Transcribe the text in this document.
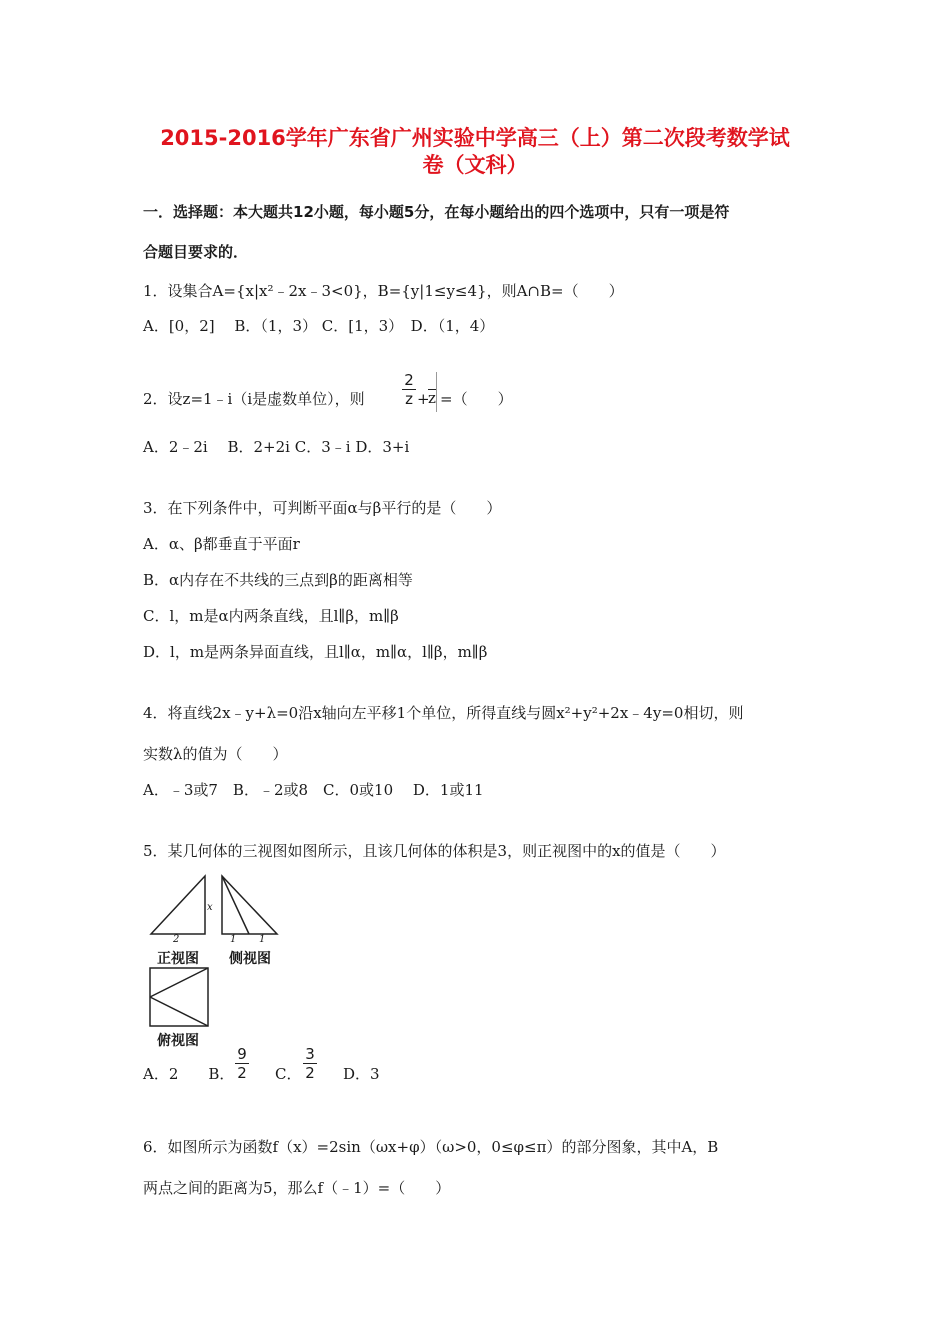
2015-2016学年广东省广州实验中学高三（上）第二次段考数学试
卷（文科）
一．选择题：本大题共12小题，每小题5分，在每小题给出的四个选项中，只有一项是符
合题目要求的．
1．设集合A={x|x²﹣2x﹣3<0}，B={y|1≤y≤4}，则A∩B=（　　）
A．[0，2]　 B．（1，3） C．[1，3）　D．（1，4）
2．设z=1﹣i（i是虚数单位），则
2
z +
z =（　　）
A．2﹣2i　 B．2+2i C．3﹣i D．3+i
3．在下列条件中，可判断平面α与β平行的是（　　）
A．α、β都垂直于平面r
B．α内存在不共线的三点到β的距离相等
C．l，m是α内两条直线，且l∥β，m∥β
D．l，m是两条异面直线，且l∥α，m∥α，l∥β，m∥β
4．将直线2x﹣y+λ=0沿x轴向左平移1个单位，所得直线与圆x²+y²+2x﹣4y=0相切，则
实数λ的值为（　　）
A．﹣3或7　B．﹣2或8　C．0或10　 D．1或11
5．某几何体的三视图如图所示，且该几何体的体积是3，则正视图中的x的值是（　　）
x
2	1 1
正视图 侧视图
俯视图
A．2　　B．
9
2 C．
3
2 D．3
6．如图所示为函数f（x）=2sin（ωx+φ）（ω>0，0≤φ≤π）的部分图象，其中A，B
两点之间的距离为5，那么f（﹣1）=（　　）
